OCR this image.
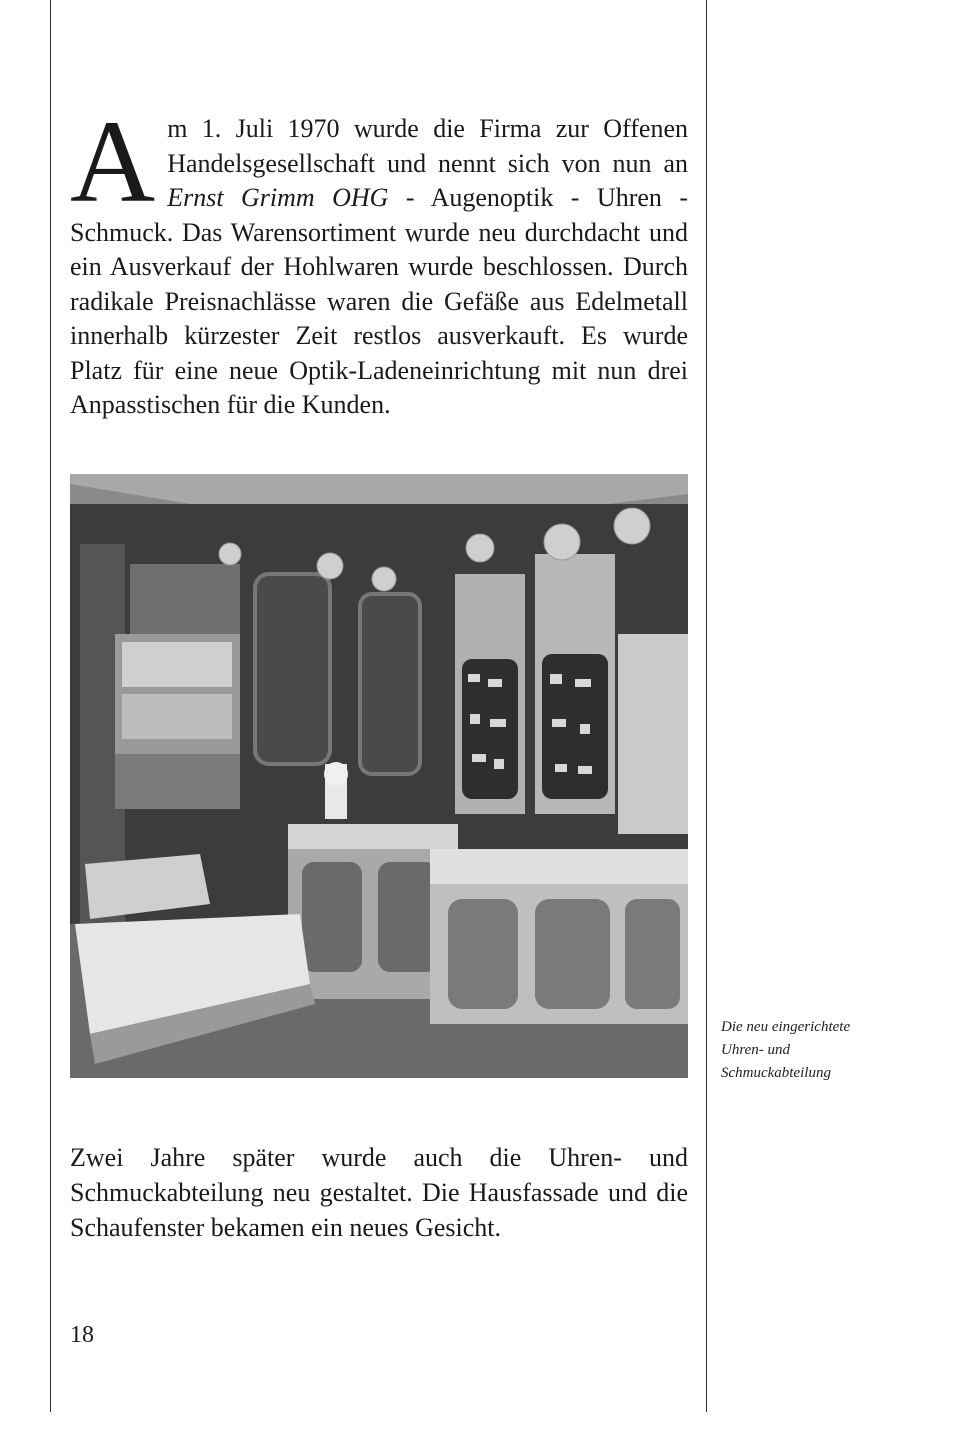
Am 1. Juli 1970 wurde die Firma zur Offenen Handelsgesellschaft und nennt sich von nun an Ernst Grimm OHG - Augenoptik - Uhren - Schmuck. Das Warensortiment wurde neu durchdacht und ein Ausverkauf der Hohlwaren wurde beschlossen. Durch radikale Preisnachlässe waren die Gefäße aus Edelmetall innerhalb kürzester Zeit restlos ausverkauft. Es wurde Platz für eine neue Optik-Ladeneinrichtung mit nun drei Anpasstischen für die Kunden.

Die neu eingerichtete
Uhren- und
Schmuckabteilung

Zwei Jahre später wurde auch die Uhren- und Schmuckabteilung neu gestaltet. Die Hausfassade und die Schaufenster bekamen ein neues Gesicht.

18
